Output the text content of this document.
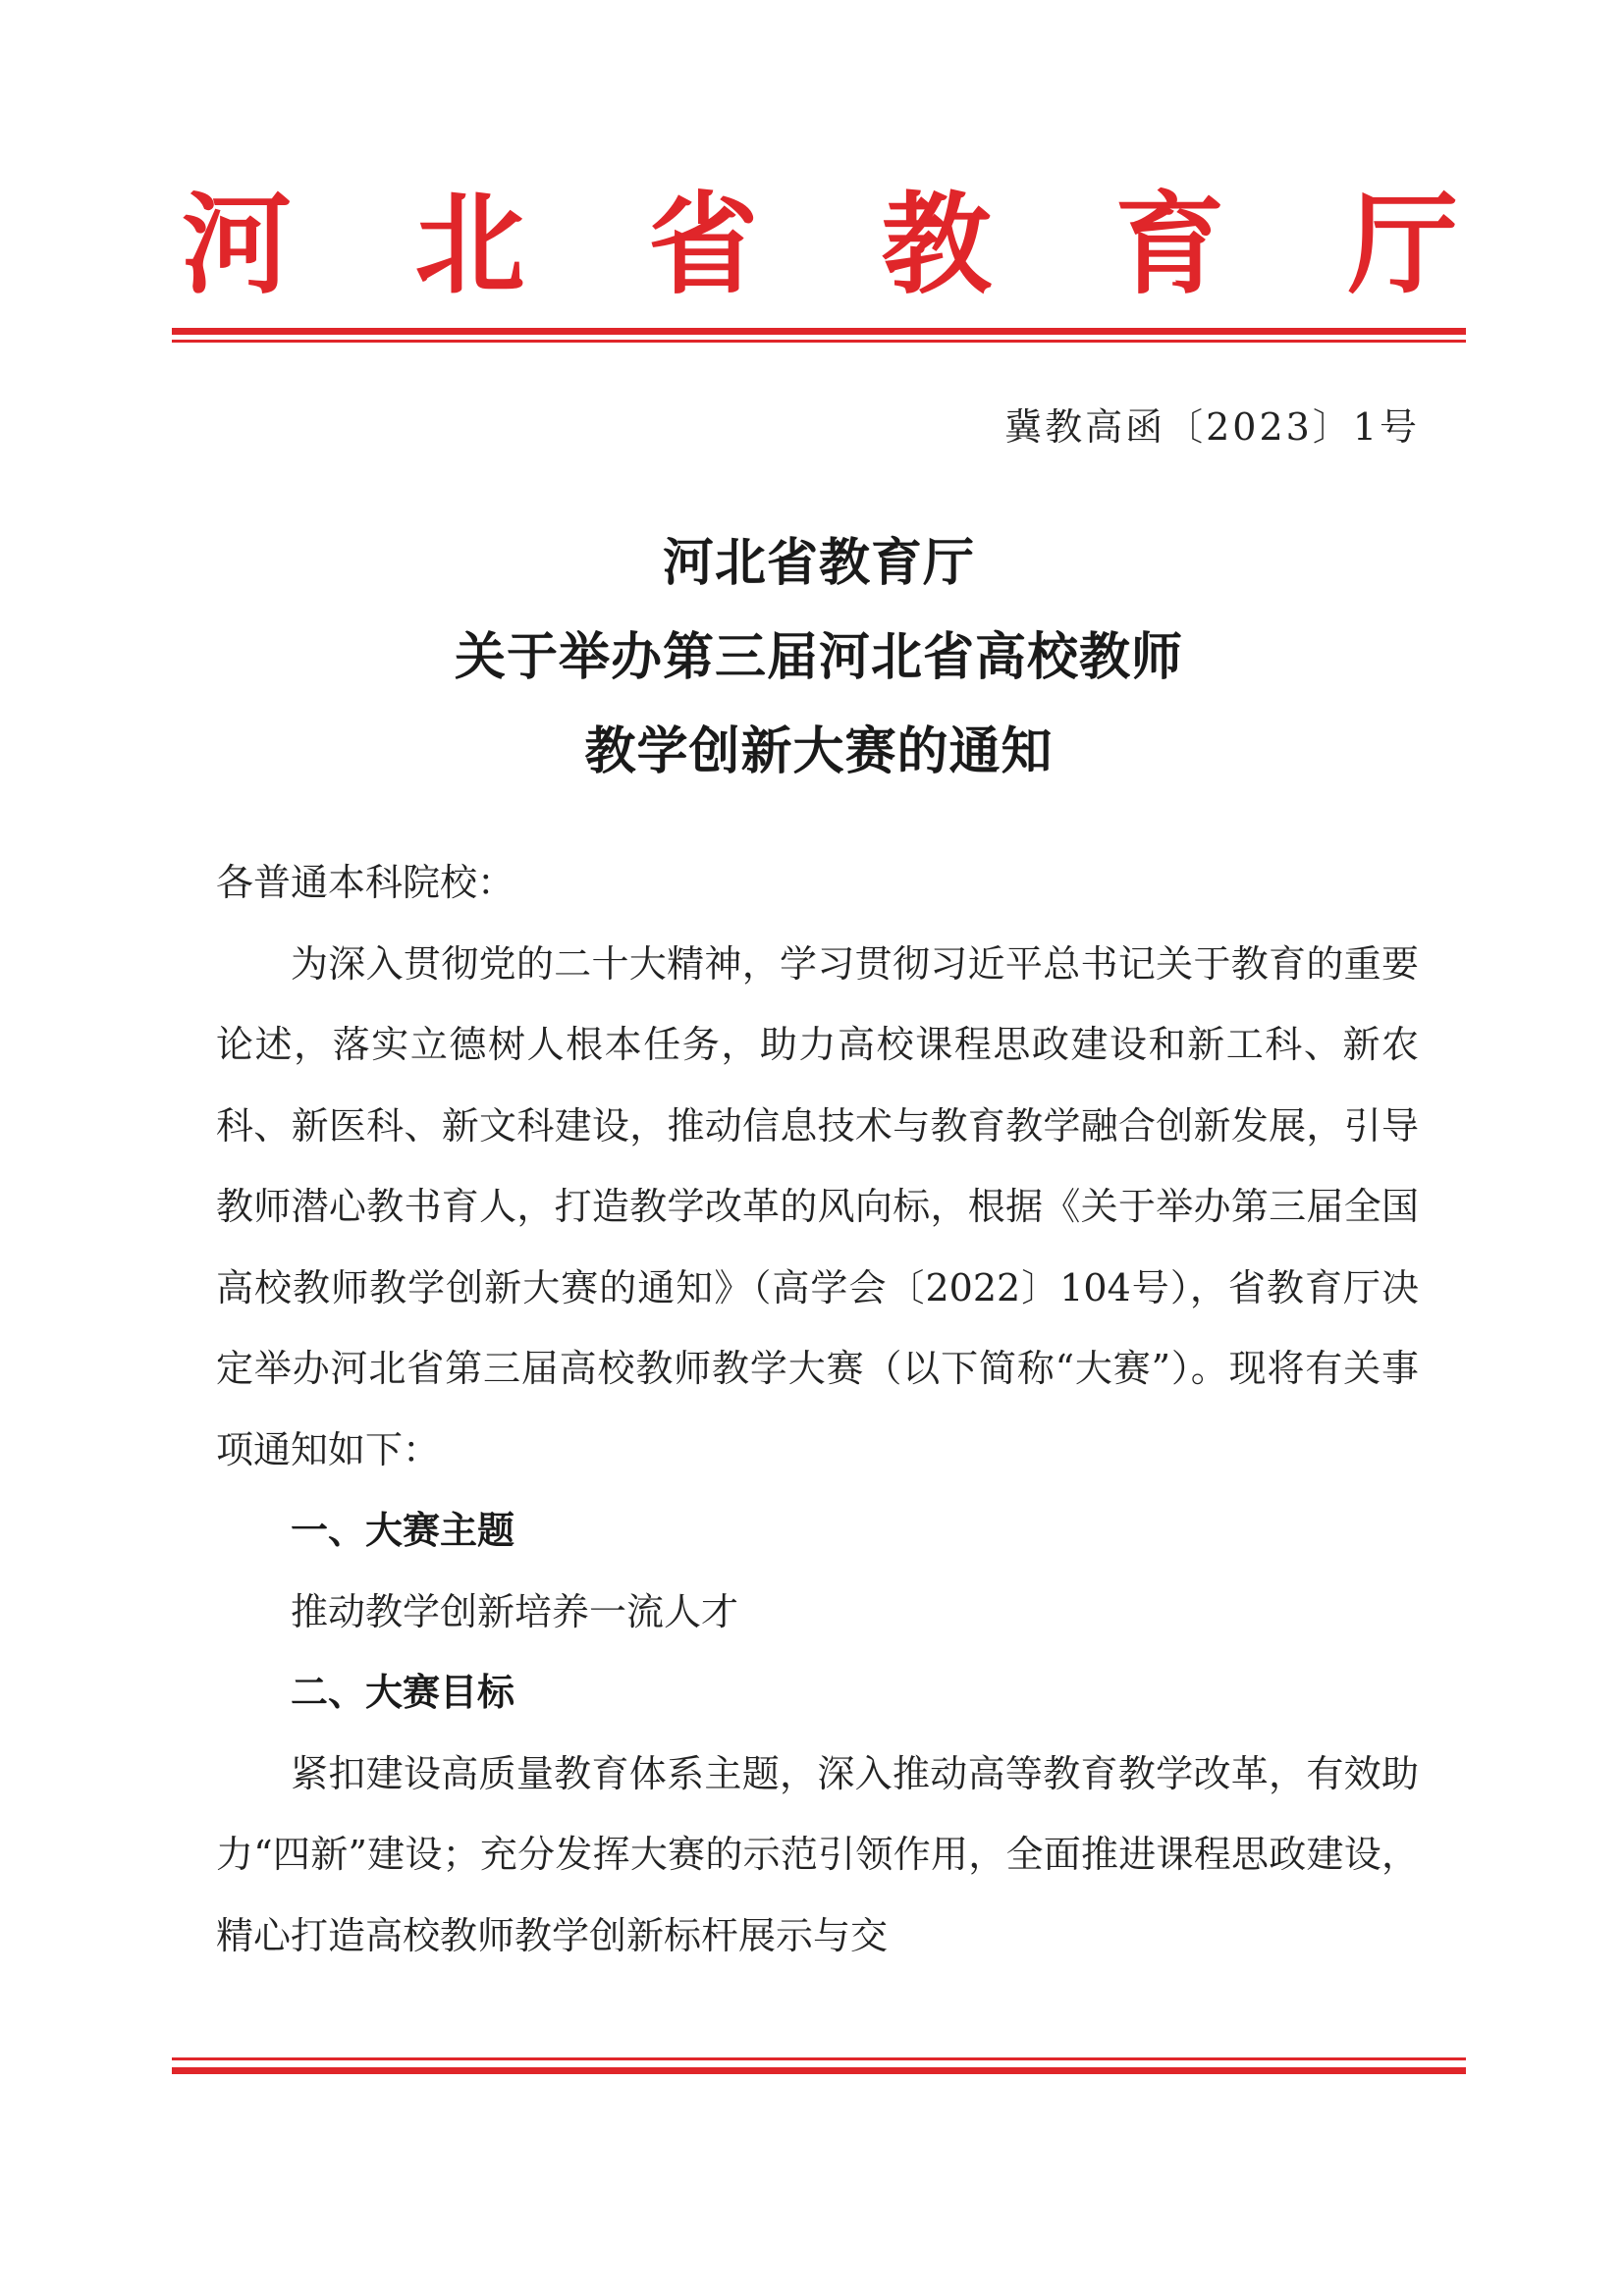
河 北 省 教 育 厅
冀教高函〔2023〕1号
河北省教育厅
关于举办第三届河北省高校教师
教学创新大赛的通知

各普通本科院校：

为深入贯彻党的二十大精神，学习贯彻习近平总书记关于教育的重要论述，落实立德树人根本任务，助力高校课程思政建设和新工科、新农科、新医科、新文科建设，推动信息技术与教育教学融合创新发展，引导教师潜心教书育人，打造教学改革的风向标，根据《关于举办第三届全国高校教师教学创新大赛的通知》（高学会〔2022〕104号），省教育厅决定举办河北省第三届高校教师教学大赛（以下简称“大赛”）。现将有关事项通知如下：

一、大赛主题

推动教学创新培养一流人才

二、大赛目标

紧扣建设高质量教育体系主题，深入推动高等教育教学改革，有效助力“四新”建设；充分发挥大赛的示范引领作用，全面推进课程思政建设，精心打造高校教师教学创新标杆展示与交
